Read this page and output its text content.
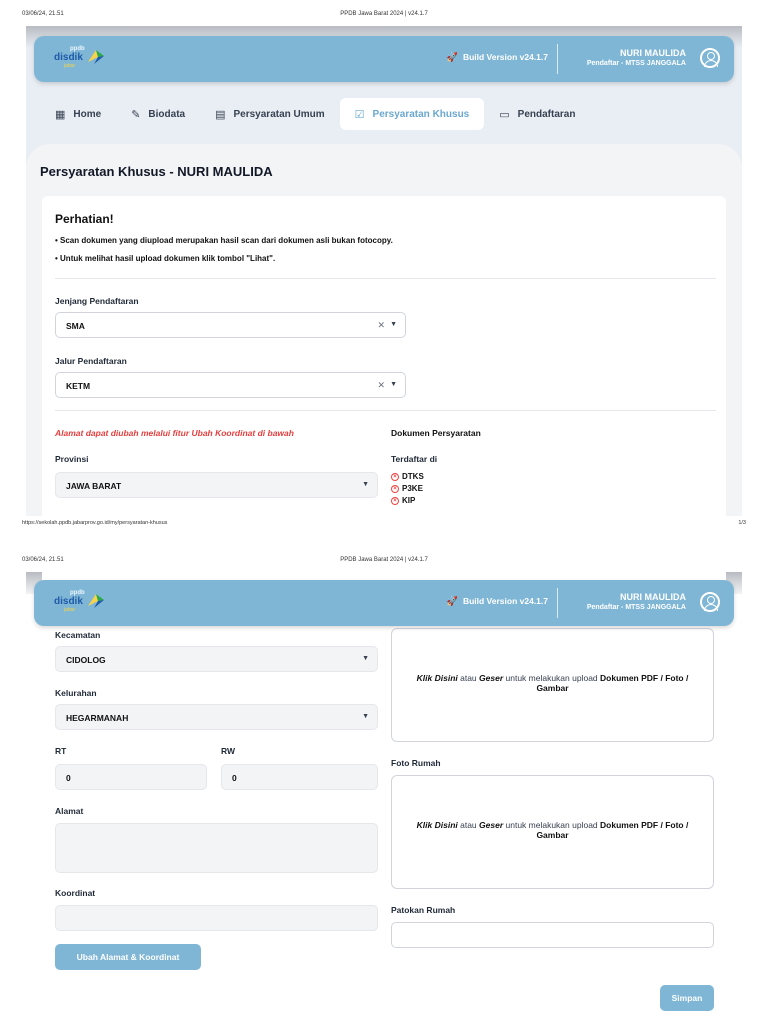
03/06/24, 21.51	PPDB Jawa Barat 2024 | v24.1.7
ppdb
disdik
jabar
🚀 Build Version v24.1.7	NURI MAULIDA
Pendaftar - MTSS JANGGALA
▦ Home	✎ Biodata	▤ Persyaratan Umum	☑ Persyaratan Khusus	▭ Pendaftaran
Persyaratan Khusus - NURI MAULIDA
Perhatian!
• Scan dokumen yang diupload merupakan hasil scan dari dokumen asli bukan fotocopy.
• Untuk melihat hasil upload dokumen klik tombol "Lihat".
Jenjang Pendaftaran
SMA	✕ ▼
Jalur Pendaftaran
KETM	✕ ▼
Alamat dapat diubah melalui fitur Ubah Koordinat di bawah	Dokumen Persyaratan
Provinsi	Terdaftar di
JAWA BARAT	▼
× DTKS
× P3KE
× KIP
https://sekolah.ppdb.jabarprov.go.id/my/persyaratan-khusus	1/3
03/06/24, 21.51	PPDB Jawa Barat 2024 | v24.1.7
Kecamatan
CIDOLOG	▼
Kelurahan
HEGARMANAH	▼
RT	RW
0	0
Alamat
Koordinat
Ubah Alamat & Koordinat
Klik Disini atau Geser untuk melakukan upload Dokumen PDF / Foto / Gambar
Foto Rumah
Klik Disini atau Geser untuk melakukan upload Dokumen PDF / Foto / Gambar
Patokan Rumah
Simpan
ppdb
disdik
jabar
🚀 Build Version v24.1.7	NURI MAULIDA
Pendaftar - MTSS JANGGALA
